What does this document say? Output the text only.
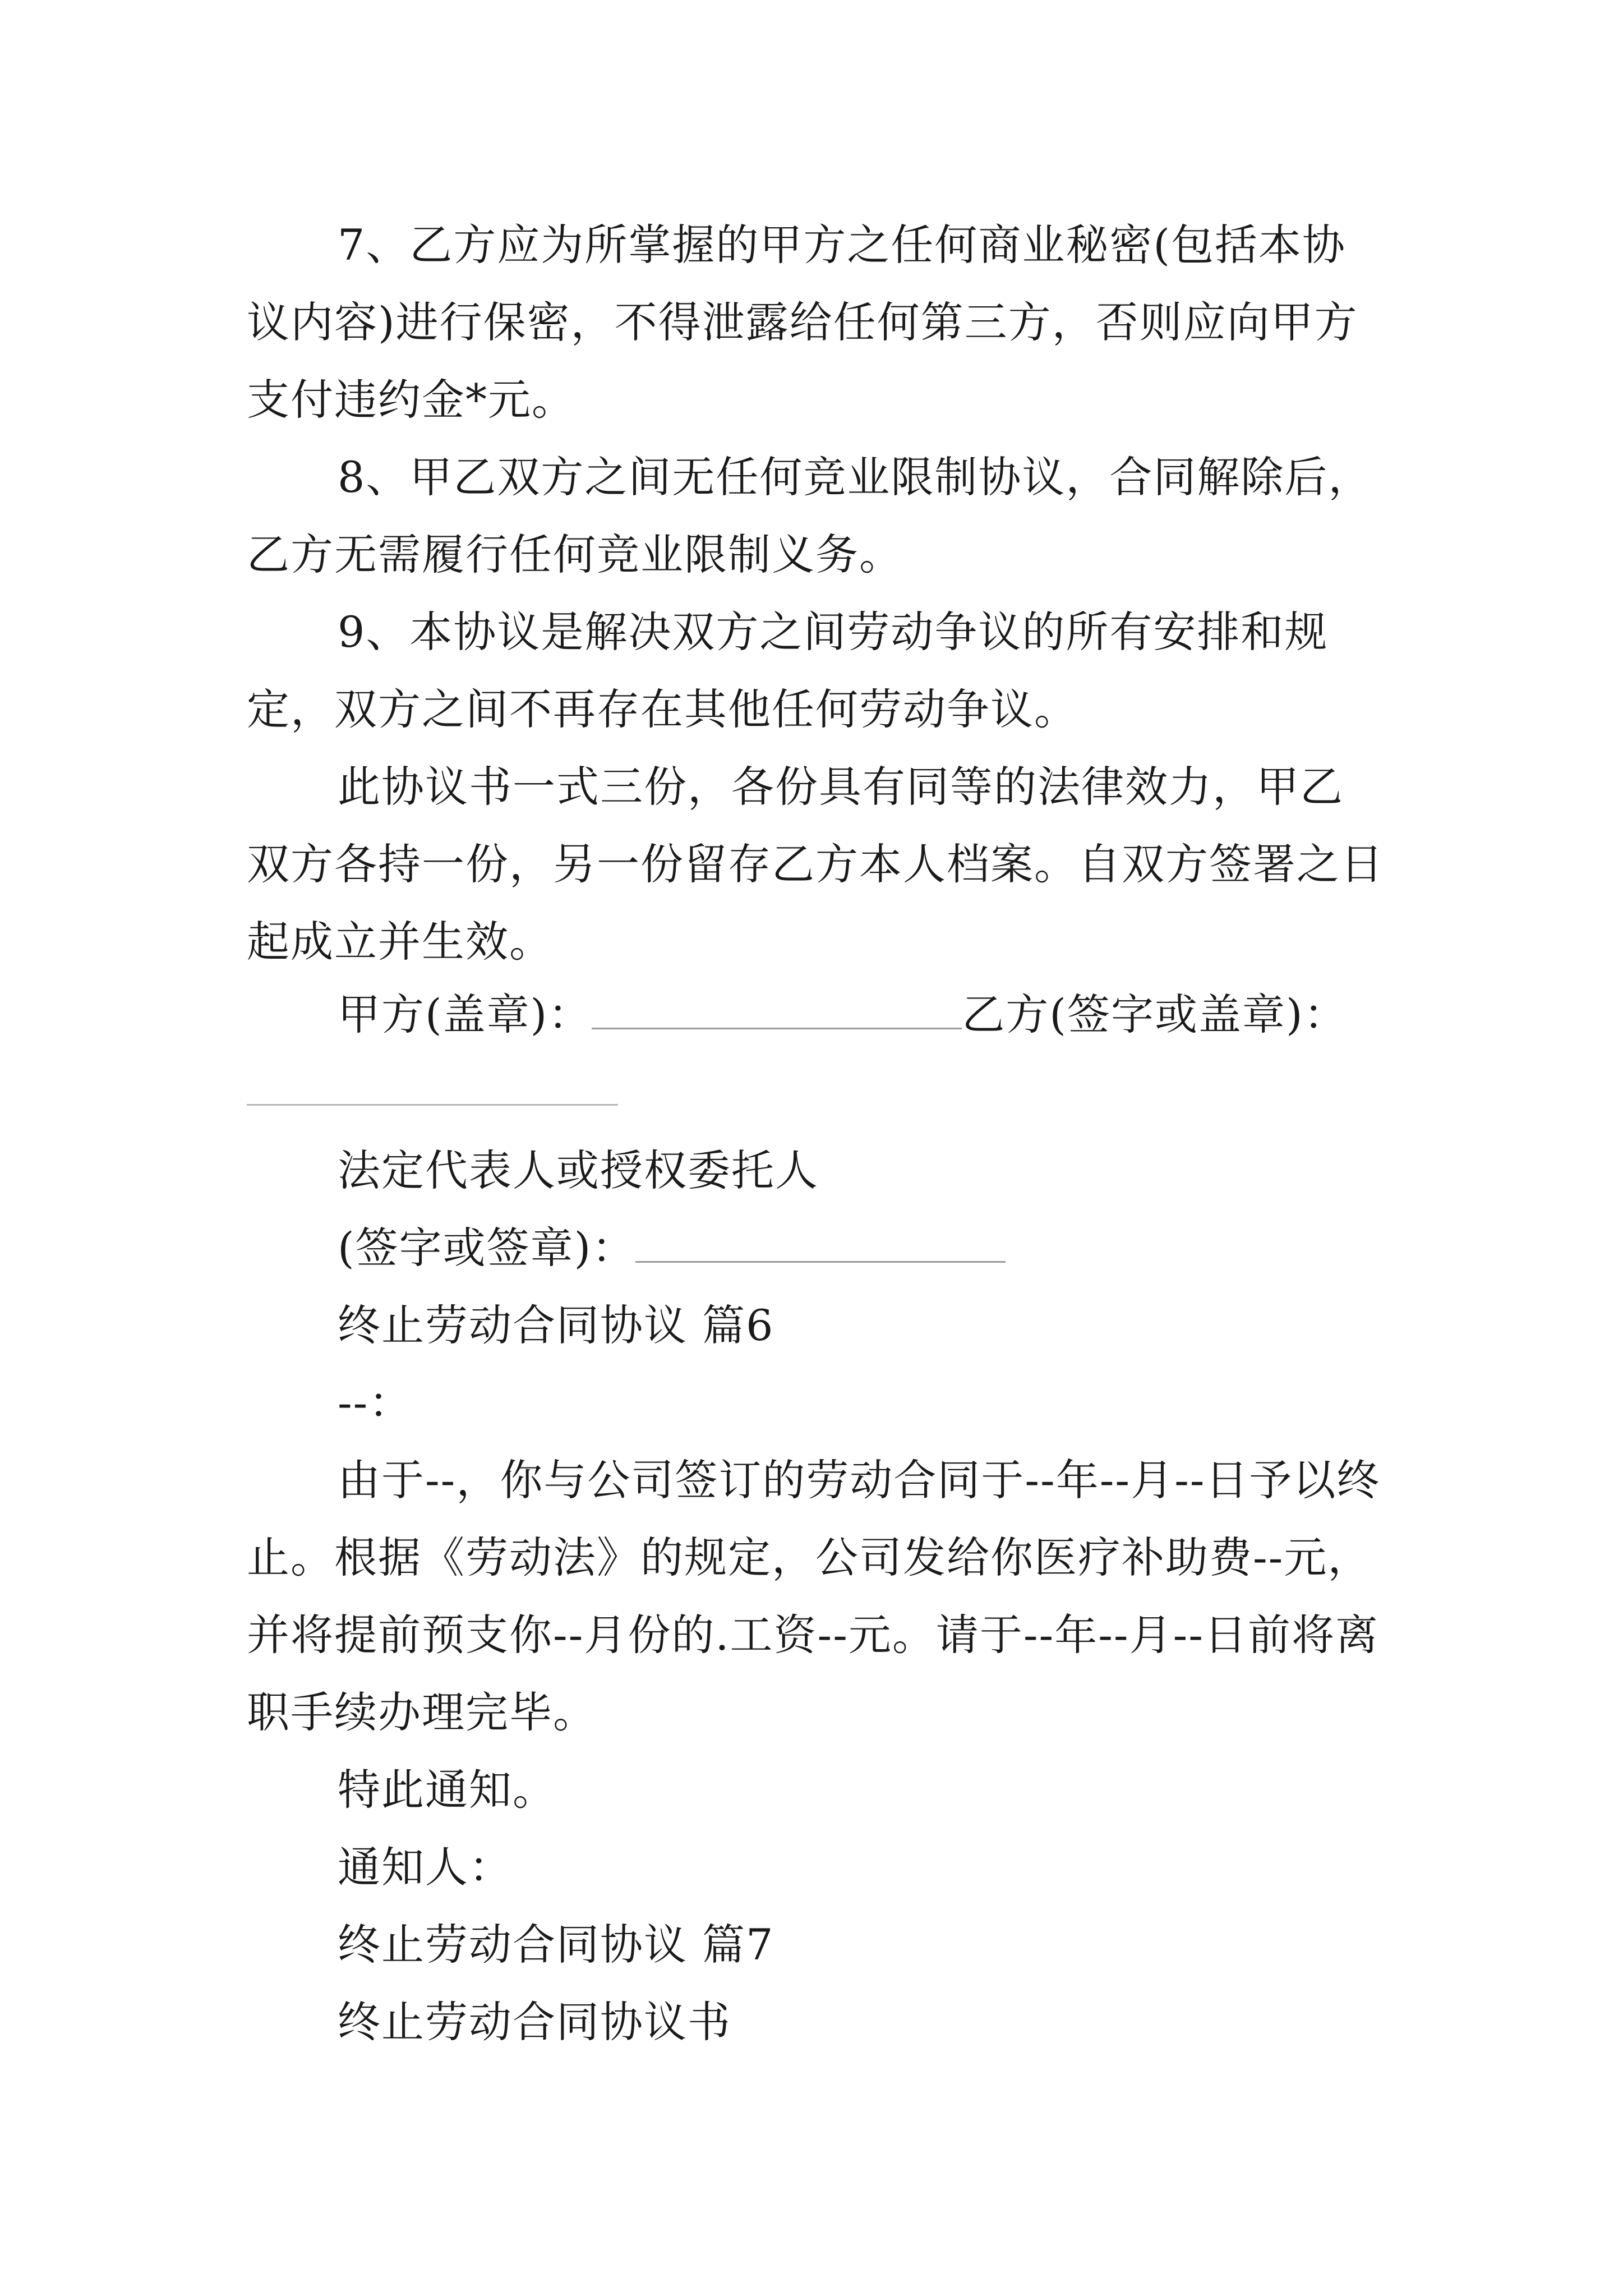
7、乙方应为所掌握的甲方之任何商业秘密(包括本协议内容)进行保密，不得泄露给任何第三方，否则应向甲方支付违约金*元。

8、甲乙双方之间无任何竞业限制协议，合同解除后，乙方无需履行任何竞业限制义务。

9、本协议是解决双方之间劳动争议的所有安排和规定，双方之间不再存在其他任何劳动争议。

此协议书一式三份，各份具有同等的法律效力，甲乙双方各持一份，另一份留存乙方本人档案。自双方签署之日起成立并生效。

甲方(盖章)：	乙方(签字或盖章)：
法定代表人或授权委托人
(签字或签章)：
终止劳动合同协议 篇6
--：

由于--，你与公司签订的劳动合同于--年--月--日予以终止。根据《劳动法》的规定，公司发给你医疗补助费--元，并将提前预支你--月份的.工资--元。请于--年--月--日前将离职手续办理完毕。

特此通知。
通知人：
终止劳动合同协议 篇7
终止劳动合同协议书
